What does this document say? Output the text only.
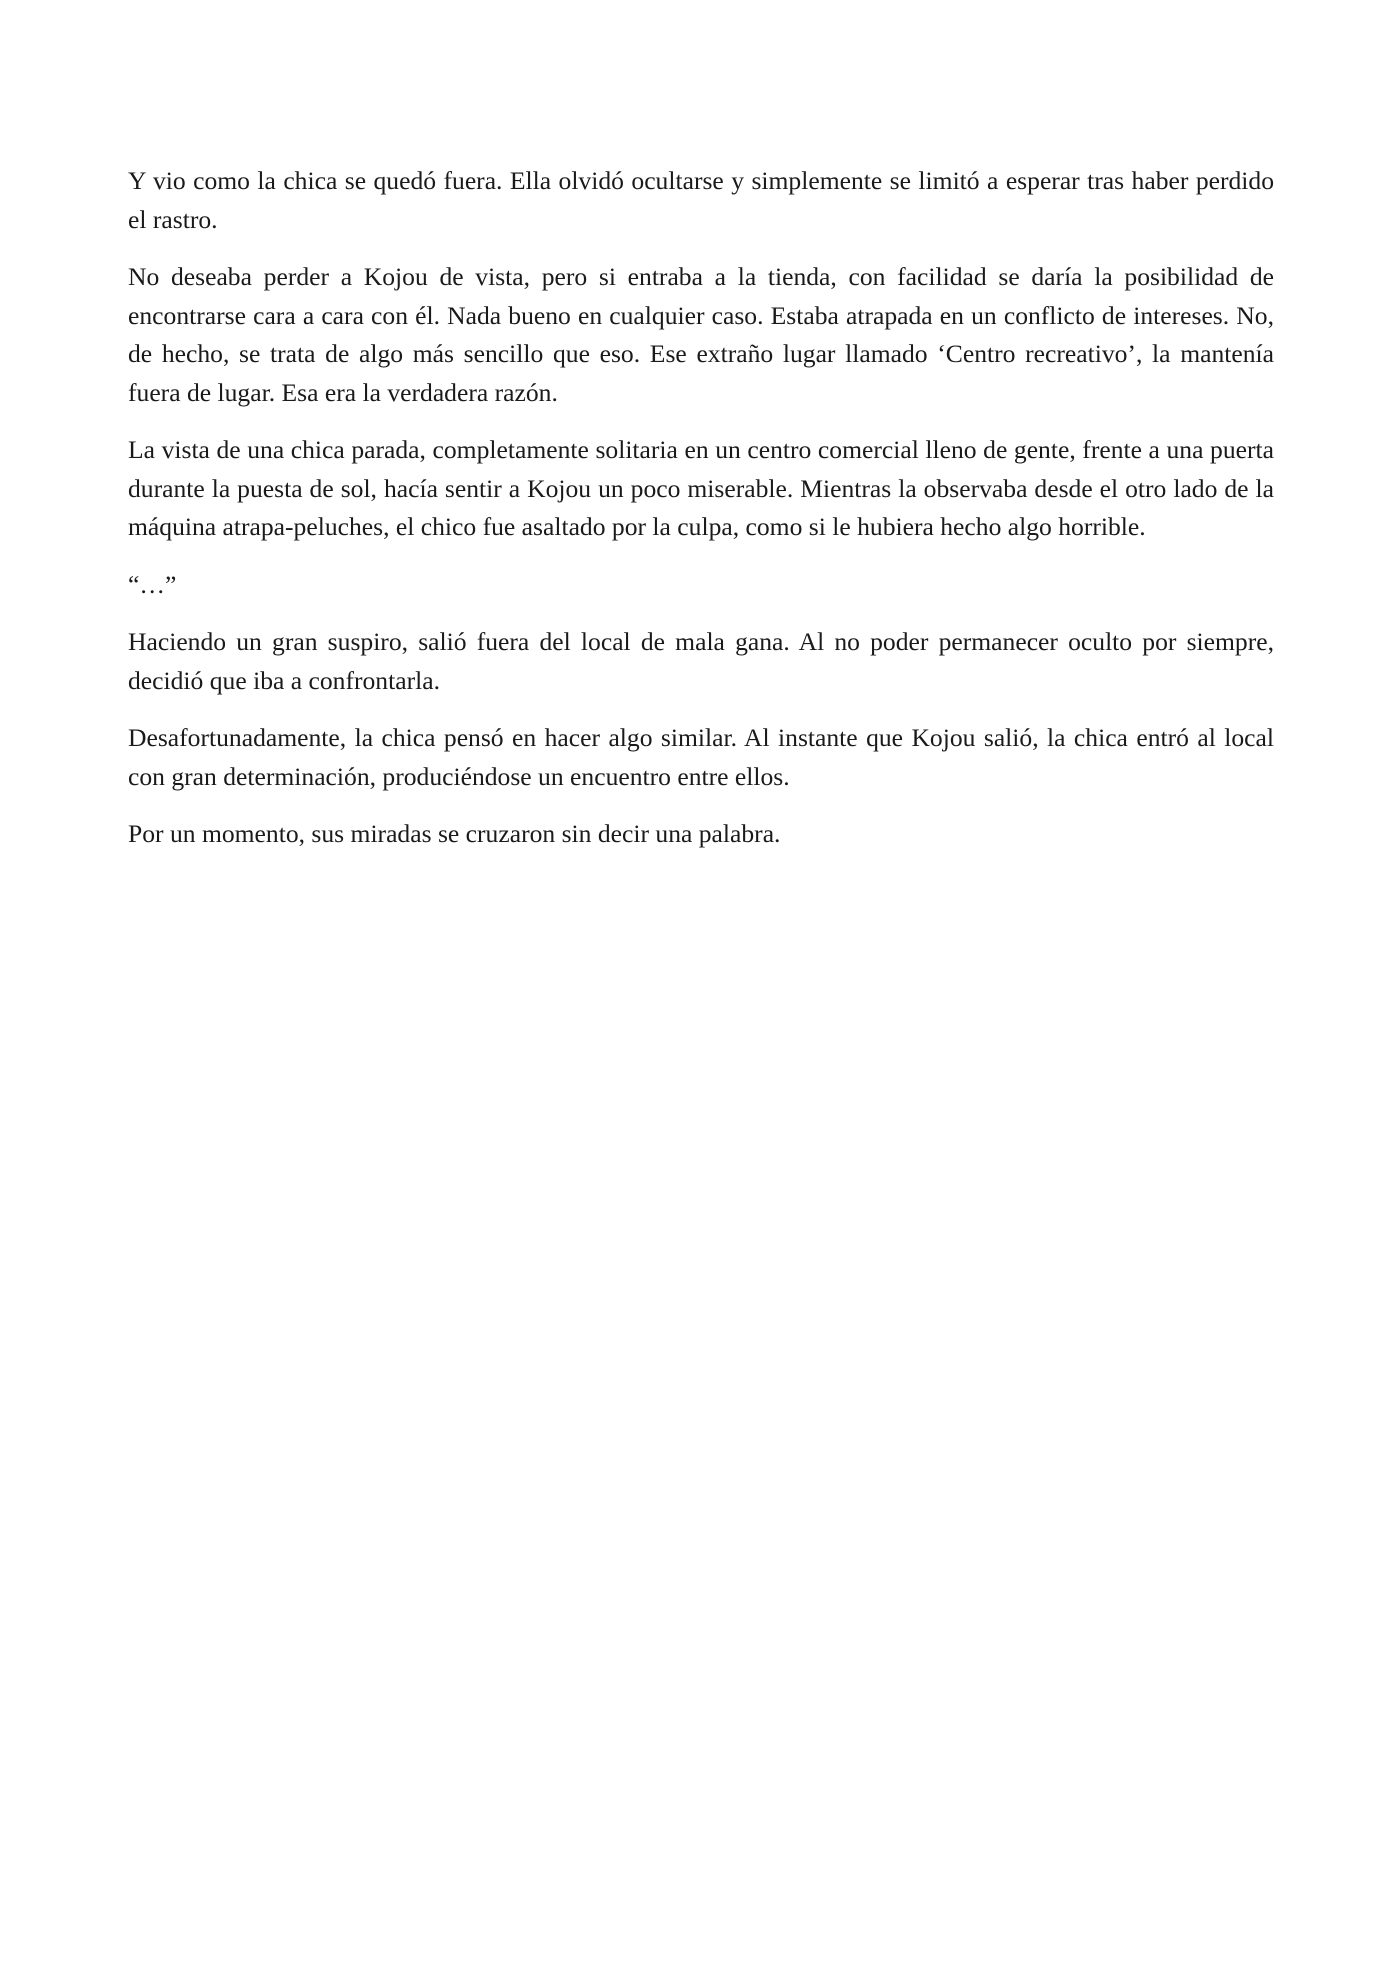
Y vio como la chica se quedó fuera. Ella olvidó ocultarse y simplemente se limitó a esperar tras haber perdido el rastro.

No deseaba perder a Kojou de vista, pero si entraba a la tienda, con facilidad se daría la posibilidad de encontrarse cara a cara con él. Nada bueno en cualquier caso. Estaba atrapada en un conflicto de intereses. No, de hecho, se trata de algo más sencillo que eso. Ese extraño lugar llamado ‘Centro recreativo’, la mantenía fuera de lugar. Esa era la verdadera razón.

La vista de una chica parada, completamente solitaria en un centro comercial lleno de gente, frente a una puerta durante la puesta de sol, hacía sentir a Kojou un poco miserable. Mientras la observaba desde el otro lado de la máquina atrapa-peluches, el chico fue asaltado por la culpa, como si le hubiera hecho algo horrible.

“…”

Haciendo un gran suspiro, salió fuera del local de mala gana. Al no poder permanecer oculto por siempre, decidió que iba a confrontarla.

Desafortunadamente, la chica pensó en hacer algo similar. Al instante que Kojou salió, la chica entró al local con gran determinación, produciéndose un encuentro entre ellos.

Por un momento, sus miradas se cruzaron sin decir una palabra.
